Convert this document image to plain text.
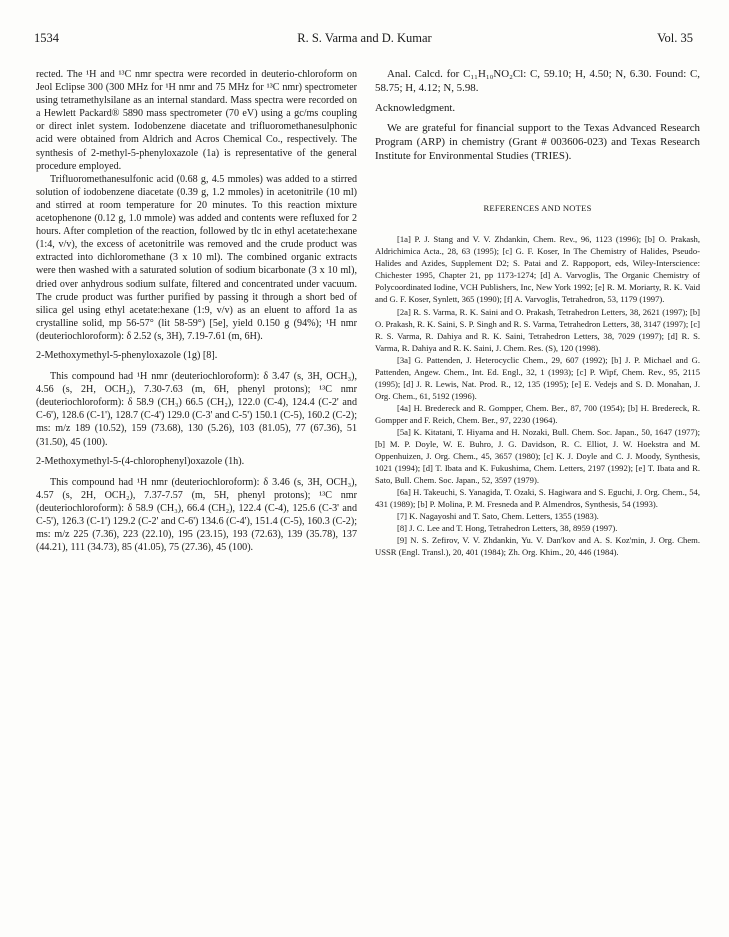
1534	R. S. Varma and D. Kumar	Vol. 35

rected. The ¹H and ¹³C nmr spectra were recorded in deuterio-chloroform on Jeol Eclipse 300 (300 MHz for ¹H nmr and 75 MHz for ¹³C nmr) spectrometer using tetramethylsilane as an internal standard. Mass spectra were recorded on a Hewlett Packard® 5890 mass spectrometer (70 eV) using a gc/ms coupling or direct inlet system. Iodobenzene diacetate and trifluoromethanesulphonic acid were obtained from Aldrich and Acros Chemical Co., respectively. The synthesis of 2-methyl-5-phenyloxazole (1a) is representative of the general procedure employed.

Trifluoromethanesulfonic acid (0.68 g, 4.5 mmoles) was added to a stirred solution of iodobenzene diacetate (0.39 g, 1.2 mmoles) in acetonitrile (10 ml) and stirred at room temperature for 20 minutes. To this reaction mixture acetophenone (0.12 g, 1.0 mmole) was added and contents were refluxed for 2 hours. After completion of the reaction, followed by tlc in ethyl acetate:hexane (1:4, v/v), the excess of acetonitrile was removed and the crude product was extracted into dichloromethane (3 x 10 ml). The combined organic extracts were then washed with a saturated solution of sodium bicarbonate (3 x 10 ml), dried over anhydrous sodium sulfate, filtered and concentrated under vacuum. The crude product was further purified by passing it through a short bed of silica gel using ethyl acetate:hexane (1:9, v/v) as an eluent to afford 1a as crystalline solid, mp 56-57° (lit 58-59°) [5e], yield 0.150 g (94%); ¹H nmr (deuteriochloroform): δ 2.52 (s, 3H), 7.19-7.61 (m, 6H).

2-Methoxymethyl-5-phenyloxazole (1g) [8].

This compound had ¹H nmr (deuteriochloroform): δ 3.47 (s, 3H, OCH₃), 4.56 (s, 2H, OCH₂), 7.30-7.63 (m, 6H, phenyl protons); ¹³C nmr (deuteriochloroform): δ 58.9 (CH₃) 66.5 (CH₂), 122.0 (C-4), 124.4 (C-2' and C-6'), 128.6 (C-1'), 128.7 (C-4') 129.0 (C-3' and C-5') 150.1 (C-5), 160.2 (C-2); ms: m/z 189 (10.52), 159 (73.68), 130 (5.26), 103 (81.05), 77 (67.36), 51 (31.50), 45 (100).

2-Methoxymethyl-5-(4-chlorophenyl)oxazole (1h).

This compound had ¹H nmr (deuteriochloroform): δ 3.46 (s, 3H, OCH₃), 4.57 (s, 2H, OCH₂), 7.37-7.57 (m, 5H, phenyl protons); ¹³C nmr (deuteriochloroform): δ 58.9 (CH₃), 66.4 (CH₂), 122.4 (C-4), 125.6 (C-3' and C-5'), 126.3 (C-1') 129.2 (C-2' and C-6') 134.6 (C-4'), 151.4 (C-5), 160.3 (C-2); ms: m/z 225 (7.36), 223 (22.10), 195 (23.15), 193 (72.63), 139 (35.78), 137 (44.21), 111 (34.73), 85 (41.05), 75 (27.36), 45 (100).

Anal. Calcd. for C₁₁H₁₀NO₂Cl: C, 59.10; H, 4.50; N, 6.30. Found: C, 58.75; H, 4.12; N, 5.98.

Acknowledgment.

We are grateful for financial support to the Texas Advanced Research Program (ARP) in chemistry (Grant # 003606-023) and Texas Research Institute for Environmental Studies (TRIES).

REFERENCES AND NOTES

[1a] P. J. Stang and V. V. Zhdankin, Chem. Rev., 96, 1123 (1996); [b] O. Prakash, Aldrichimica Acta., 28, 63 (1995); [c] G. F. Koser, In The Chemistry of Halides, Pseudo-Halides and Azides, Supplement D2; S. Patai and Z. Rappoport, eds, Wiley-Interscience: Chichester 1995, Chapter 21, pp 1173-1274; [d] A. Varvoglis, The Organic Chemistry of Polycoordinated Iodine, VCH Publishers, Inc, New York 1992; [e] R. M. Moriarty, R. K. Vaid and G. F. Koser, Synlett, 365 (1990); [f] A. Varvoglis, Tetrahedron, 53, 1179 (1997).

[2a] R. S. Varma, R. K. Saini and O. Prakash, Tetrahedron Letters, 38, 2621 (1997); [b] O. Prakash, R. K. Saini, S. P. Singh and R. S. Varma, Tetrahedron Letters, 38, 3147 (1997); [c] R. S. Varma, R. Dahiya and R. K. Saini, Tetrahedron Letters, 38, 7029 (1997); [d] R. S. Varma, R. Dahiya and R. K. Saini, J. Chem. Res. (S), 120 (1998).

[3a] G. Pattenden, J. Heterocyclic Chem., 29, 607 (1992); [b] J. P. Michael and G. Pattenden, Angew. Chem., Int. Ed. Engl., 32, 1 (1993); [c] P. Wipf, Chem. Rev., 95, 2115 (1995); [d] J. R. Lewis, Nat. Prod. R., 12, 135 (1995); [e] E. Vedejs and S. D. Monahan, J. Org. Chem., 61, 5192 (1996).

[4a] H. Bredereck and R. Gompper, Chem. Ber., 87, 700 (1954); [b] H. Bredereck, R. Gompper and F. Reich, Chem. Ber., 97, 2230 (1964).

[5a] K. Kitatani, T. Hiyama and H. Nozaki, Bull. Chem. Soc. Japan., 50, 1647 (1977); [b] M. P. Doyle, W. E. Buhro, J. G. Davidson, R. C. Elliot, J. W. Hoekstra and M. Oppenhuizen, J. Org. Chem., 45, 3657 (1980); [c] K. J. Doyle and C. J. Moody, Synthesis, 1021 (1994); [d] T. Ibata and K. Fukushima, Chem. Letters, 2197 (1992); [e] T. Ibata and R. Sato, Bull. Chem. Soc. Japan., 52, 3597 (1979).

[6a] H. Takeuchi, S. Yanagida, T. Ozaki, S. Hagiwara and S. Eguchi, J. Org. Chem., 54, 431 (1989); [b] P. Molina, P. M. Fresneda and P. Almendros, Synthesis, 54 (1993).

[7] K. Nagayoshi and T. Sato, Chem. Letters, 1355 (1983).

[8] J. C. Lee and T. Hong, Tetrahedron Letters, 38, 8959 (1997).

[9] N. S. Zefirov, V. V. Zhdankin, Yu. V. Dan'kov and A. S. Koz'min, J. Org. Chem. USSR (Engl. Transl.), 20, 401 (1984); Zh. Org. Khim., 20, 446 (1984).
